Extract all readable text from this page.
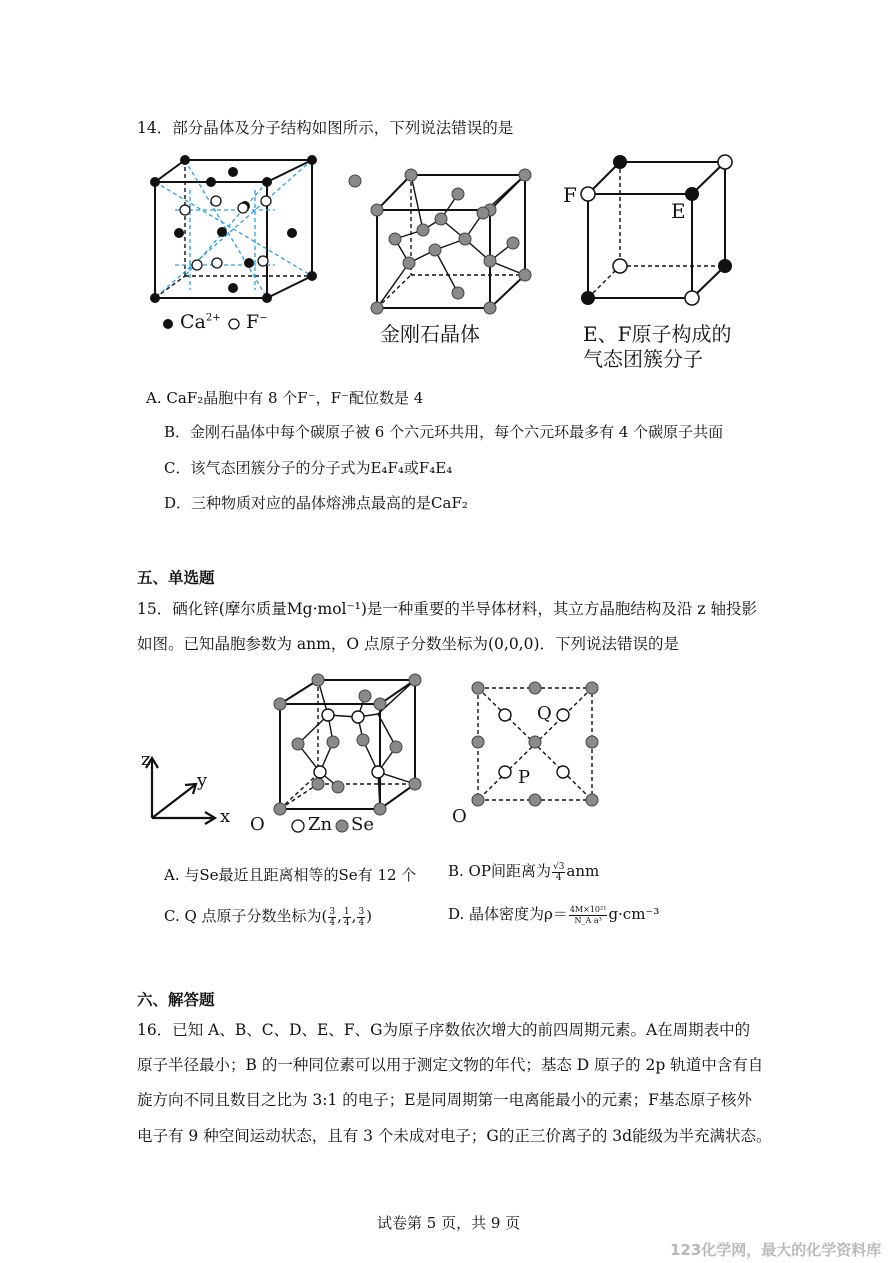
14．部分晶体及分子结构如图所示，下列说法错误的是
$Ca^{2+}$ F−
金刚石晶体
F
E
E、F原子构成的
气态团簇分子
A. CaF₂晶胞中有 8 个F⁻，F⁻配位数是 4
B．金刚石晶体中每个碳原子被 6 个六元环共用，每个六元环最多有 4 个碳原子共面
C．该气态团簇分子的分子式为E₄F₄或F₄E₄
D．三种物质对应的晶体熔沸点最高的是CaF₂
五、单选题
15．硒化锌(摩尔质量Mg·mol⁻¹)是一种重要的半导体材料，其立方晶胞结构及沿 z 轴投影
如图。已知晶胞参数为 anm，O 点原子分数坐标为(0,0,0)．下列说法错误的是
z
y
x O Zn Se
Q
P
O
A. 与Se最近且距离相等的Se有 12 个 B. OP间距离为 $\frac{√3}{4}$ anm
C. Q 点原子分数坐标为( $\frac{3}{4}$ , $\frac{1}{4}$ , $\frac{3}{4}$ )	D. 晶体密度为$\rho= \frac{\text{4M×10²¹}}{\text{N\_A a³}} g\cdot cm^{-3}$
六、解答题
16．已知 A、B、C、D、E、F、G为原子序数依次增大的前四周期元素。A在周期表中的
原子半径最小；B 的一种同位素可以用于测定文物的年代；基态 D 原子的 2p 轨道中含有自
旋方向不同且数目之比为 3:1 的电子；E是同周期第一电离能最小的元素；F基态原子核外
电子有 9 种空间运动状态，且有 3 个未成对电子；G的正三价离子的 3d能级为半充满状态。
试卷第 5 页，共 9 页
123化学网，最大的化学资料库
